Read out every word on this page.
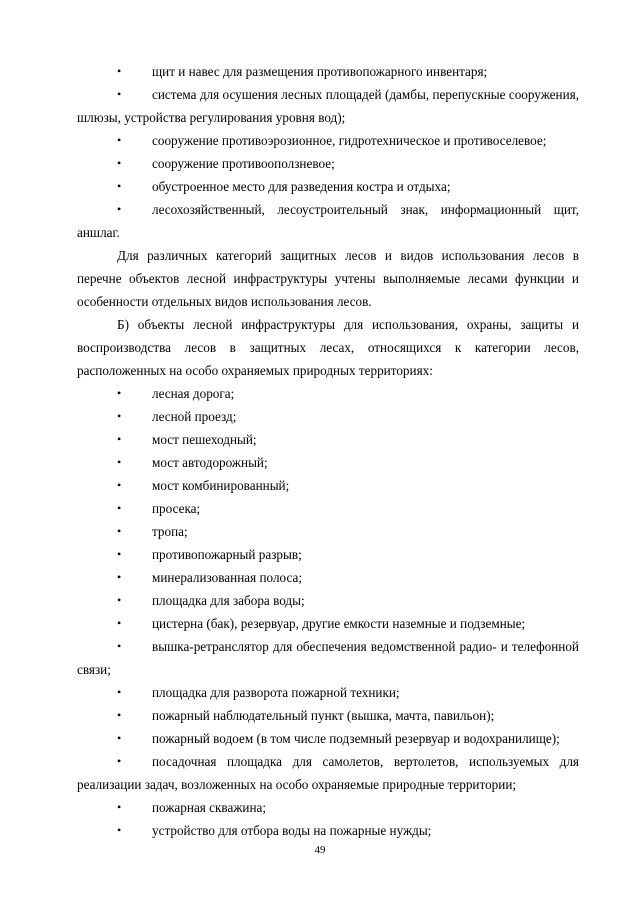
• щит и навес для размещения противопожарного инвентаря;

• система для осушения лесных площадей (дамбы, перепускные сооружения, шлюзы, устройства регулирования уровня вод);

• сооружение противоэрозионное, гидротехническое и противоселевое;

• сооружение противооползневое;

• обустроенное место для разведения костра и отдыха;

• лесохозяйственный, лесоустроительный знак, информационный щит, аншлаг.

Для различных категорий защитных лесов и видов использования лесов в перечне объектов лесной инфраструктуры учтены выполняемые лесами функции и особенности отдельных видов использования лесов.

Б) объекты лесной инфраструктуры для использования, охраны, защиты и воспроизводства лесов в защитных лесах, относящихся к категории лесов, расположенных на особо охраняемых природных территориях:

• лесная дорога;

• лесной проезд;

• мост пешеходный;

• мост автодорожный;

• мост комбинированный;

• просека;

• тропа;

• противопожарный разрыв;

• минерализованная полоса;

• площадка для забора воды;

• цистерна (бак), резервуар, другие емкости наземные и подземные;

• вышка-ретранслятор для обеспечения ведомственной радио- и телефонной связи;

• площадка для разворота пожарной техники;

• пожарный наблюдательный пункт (вышка, мачта, павильон);

• пожарный водоем (в том числе подземный резервуар и водохранилище);

• посадочная площадка для самолетов, вертолетов, используемых для реализации задач, возложенных на особо охраняемые природные территории;

• пожарная скважина;

• устройство для отбора воды на пожарные нужды;

49
